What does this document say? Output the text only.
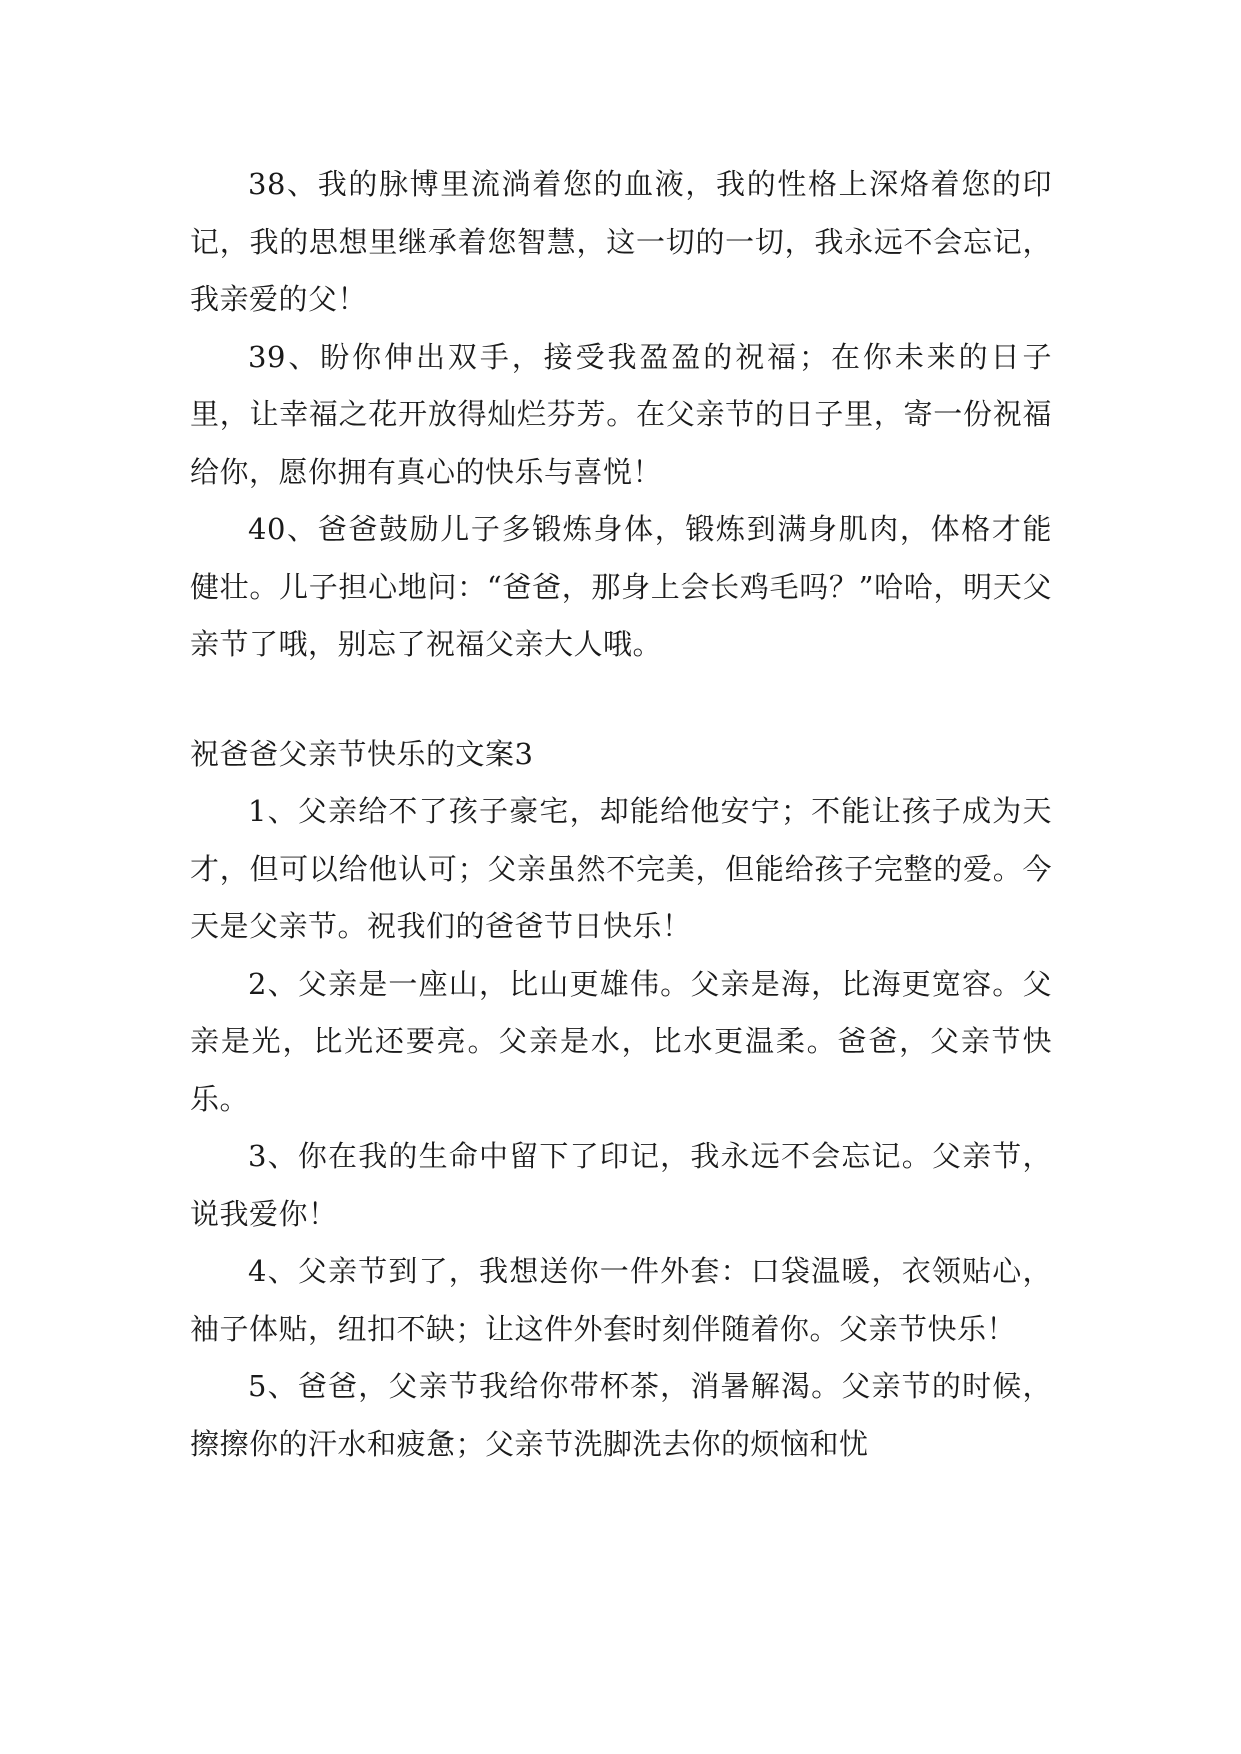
38、我的脉博里流淌着您的血液，我的性格上深烙着您的印记，我的思想里继承着您智慧，这一切的一切，我永远不会忘记，我亲爱的父！

39、盼你伸出双手，接受我盈盈的祝福；在你未来的日子里，让幸福之花开放得灿烂芬芳。在父亲节的日子里，寄一份祝福给你，愿你拥有真心的快乐与喜悦！

40、爸爸鼓励儿子多锻炼身体，锻炼到满身肌肉，体格才能健壮。儿子担心地问：“爸爸，那身上会长鸡毛吗？”哈哈，明天父亲节了哦，别忘了祝福父亲大人哦。

祝爸爸父亲节快乐的文案3

1、父亲给不了孩子豪宅，却能给他安宁；不能让孩子成为天才，但可以给他认可；父亲虽然不完美，但能给孩子完整的爱。今天是父亲节。祝我们的爸爸节日快乐！

2、父亲是一座山，比山更雄伟。父亲是海，比海更宽容。父亲是光，比光还要亮。父亲是水，比水更温柔。爸爸，父亲节快乐。

3、你在我的生命中留下了印记，我永远不会忘记。父亲节，说我爱你！

4、父亲节到了，我想送你一件外套：口袋温暖，衣领贴心，袖子体贴，纽扣不缺；让这件外套时刻伴随着你。父亲节快乐！

5、爸爸，父亲节我给你带杯茶，消暑解渴。父亲节的时候，擦擦你的汗水和疲惫；父亲节洗脚洗去你的烦恼和忧
